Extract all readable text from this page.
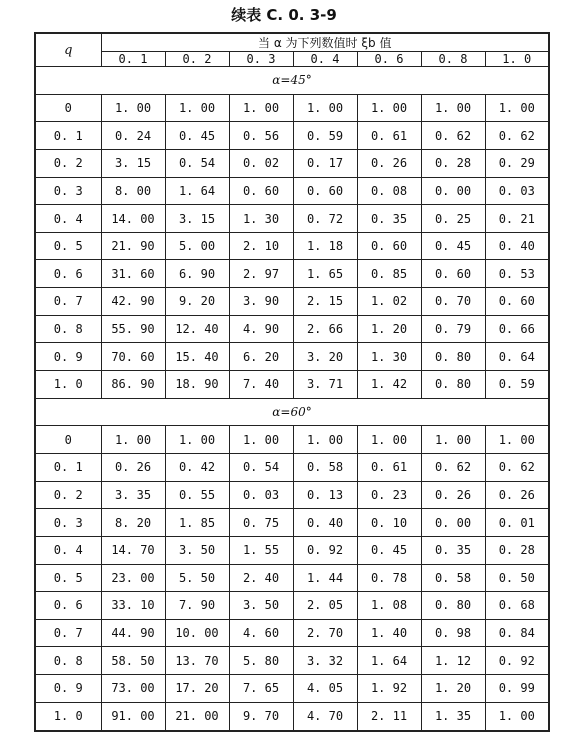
续表 C. 0. 3-9
q	当 α 为下列数值时 ξb 值						
	0. 1	0. 2	0. 3	0. 4	0. 6	0. 8	1. 0
α=45°							
0	1. 00	1. 00	1. 00	1. 00	1. 00	1. 00	1. 00
0. 1	0. 24	0. 45	0. 56	0. 59	0. 61	0. 62	0. 62
0. 2	3. 15	0. 54	0. 02	0. 17	0. 26	0. 28	0. 29
0. 3	8. 00	1. 64	0. 60	0. 60	0. 08	0. 00	0. 03
0. 4	14. 00	3. 15	1. 30	0. 72	0. 35	0. 25	0. 21
0. 5	21. 90	5. 00	2. 10	1. 18	0. 60	0. 45	0. 40
0. 6	31. 60	6. 90	2. 97	1. 65	0. 85	0. 60	0. 53
0. 7	42. 90	9. 20	3. 90	2. 15	1. 02	0. 70	0. 60
0. 8	55. 90	12. 40	4. 90	2. 66	1. 20	0. 79	0. 66
0. 9	70. 60	15. 40	6. 20	3. 20	1. 30	0. 80	0. 64
1. 0	86. 90	18. 90	7. 40	3. 71	1. 42	0. 80	0. 59
α=60°							
0	1. 00	1. 00	1. 00	1. 00	1. 00	1. 00	1. 00
0. 1	0. 26	0. 42	0. 54	0. 58	0. 61	0. 62	0. 62
0. 2	3. 35	0. 55	0. 03	0. 13	0. 23	0. 26	0. 26
0. 3	8. 20	1. 85	0. 75	0. 40	0. 10	0. 00	0. 01
0. 4	14. 70	3. 50	1. 55	0. 92	0. 45	0. 35	0. 28
0. 5	23. 00	5. 50	2. 40	1. 44	0. 78	0. 58	0. 50
0. 6	33. 10	7. 90	3. 50	2. 05	1. 08	0. 80	0. 68
0. 7	44. 90	10. 00	4. 60	2. 70	1. 40	0. 98	0. 84
0. 8	58. 50	13. 70	5. 80	3. 32	1. 64	1. 12	0. 92
0. 9	73. 00	17. 20	7. 65	4. 05	1. 92	1. 20	0. 99
1. 0	91. 00	21. 00	9. 70	4. 70	2. 11	1. 35	1. 00
